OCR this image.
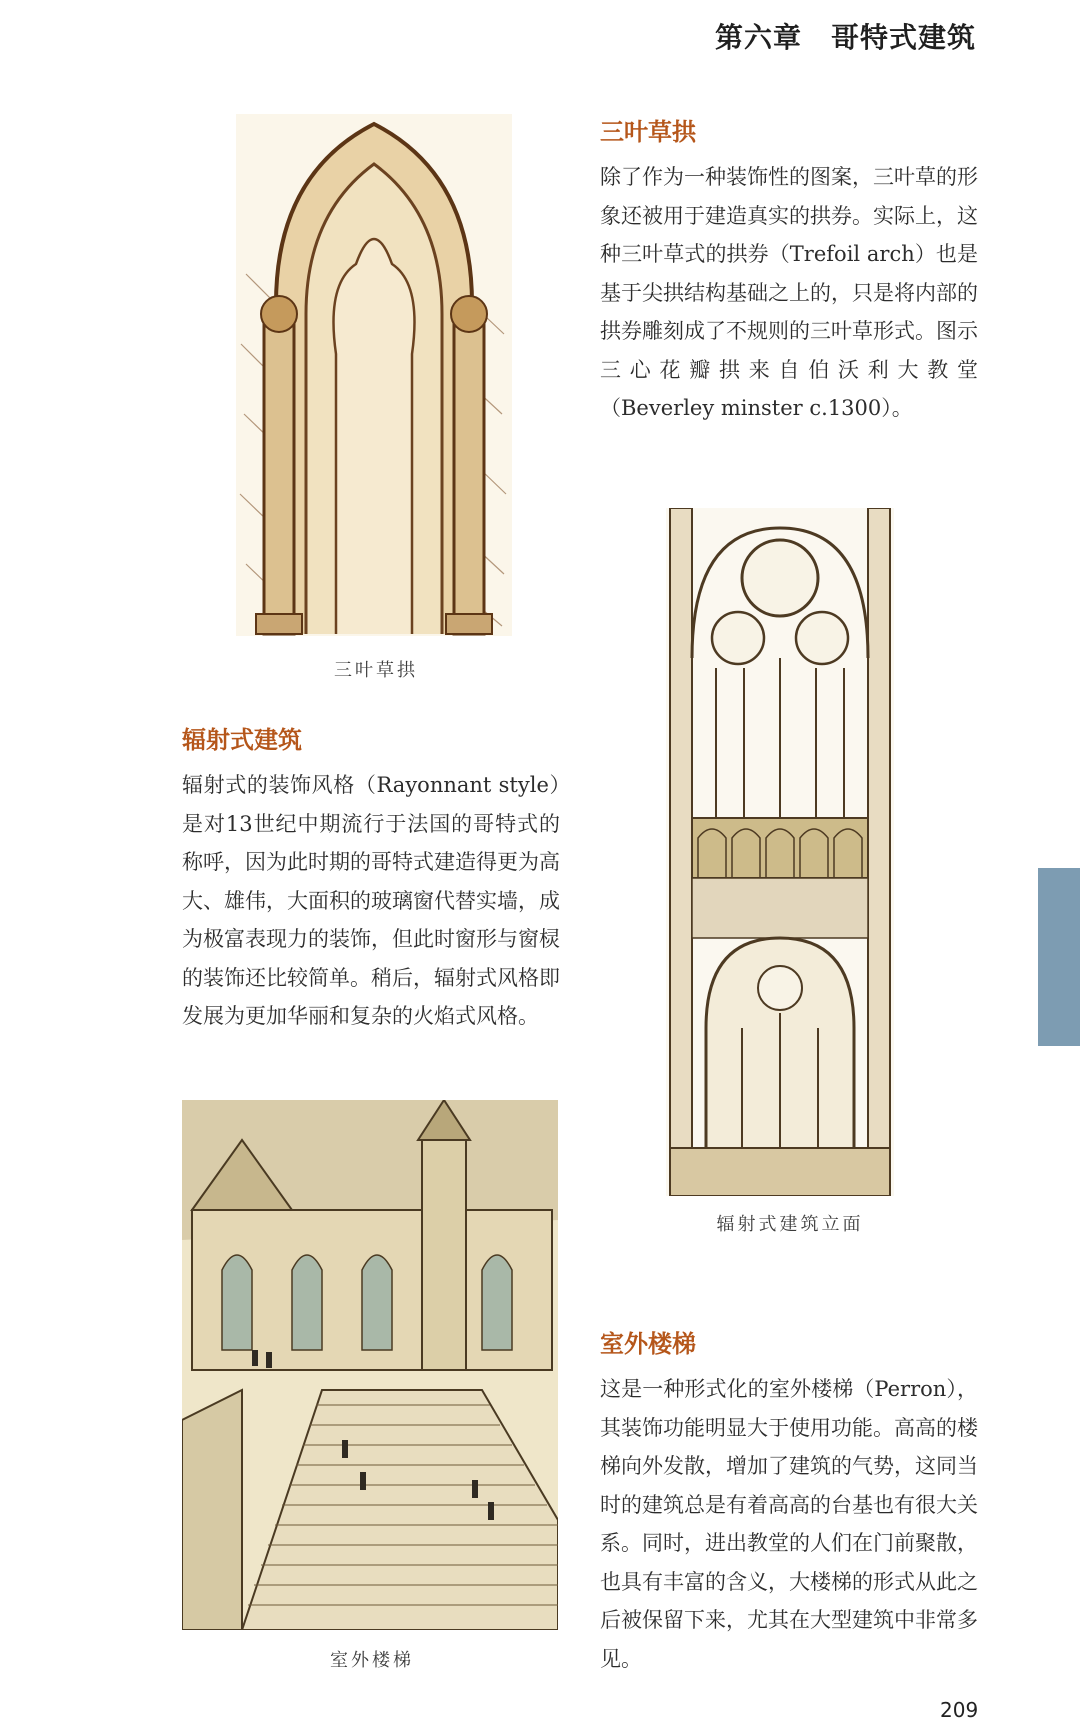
第六章　哥特式建筑
三叶草拱
三叶草拱
除了作为一种装饰性的图案，三叶草的形象还被用于建造真实的拱券。实际上，这种三叶草式的拱券（Trefoil arch）也是基于尖拱结构基础之上的，只是将内部的拱券雕刻成了不规则的三叶草形式。图示三心花瓣拱来自伯沃利大教堂（Beverley minster c.1300）。
辐射式建筑立面
辐射式建筑
辐射式的装饰风格（Rayonnant style）是对13世纪中期流行于法国的哥特式的称呼，因为此时期的哥特式建造得更为高大、雄伟，大面积的玻璃窗代替实墙，成为极富表现力的装饰，但此时窗形与窗棂的装饰还比较简单。稍后，辐射式风格即发展为更加华丽和复杂的火焰式风格。
室外楼梯
室外楼梯
这是一种形式化的室外楼梯（Perron），其装饰功能明显大于使用功能。高高的楼梯向外发散，增加了建筑的气势，这同当时的建筑总是有着高高的台基也有很大关系。同时，进出教堂的人们在门前聚散，也具有丰富的含义，大楼梯的形式从此之后被保留下来，尤其在大型建筑中非常多见。
209
